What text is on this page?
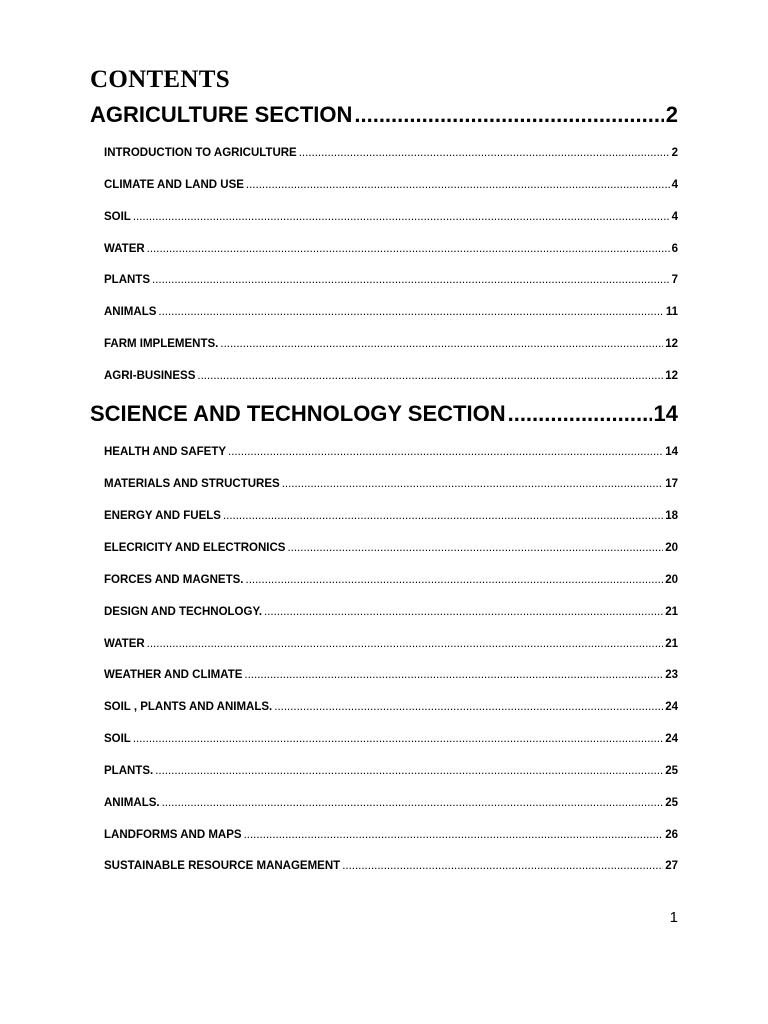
CONTENTS
AGRICULTURE SECTION .....	2
INTRODUCTION TO AGRICULTURE .....	2
CLIMATE AND LAND USE .....	4
SOIL .....	4
WATER .....	6
PLANTS .....	7
ANIMALS .....	11
FARM IMPLEMENTS. .....	12
AGRI-BUSINESS .....	12
SCIENCE AND TECHNOLOGY SECTION .....	14
HEALTH AND SAFETY .....	14
MATERIALS AND STRUCTURES .....	17
ENERGY AND FUELS .....	18
ELECRICITY AND ELECTRONICS .....	20
FORCES AND MAGNETS. .....	20
DESIGN AND TECHNOLOGY. .....	21
WATER .....	21
WEATHER AND CLIMATE .....	23
SOIL , PLANTS AND ANIMALS. .....	24
SOIL .....	24
PLANTS. .....	25
ANIMALS. .....	25
LANDFORMS AND MAPS .....	26
SUSTAINABLE RESOURCE MANAGEMENT .....	27
1
